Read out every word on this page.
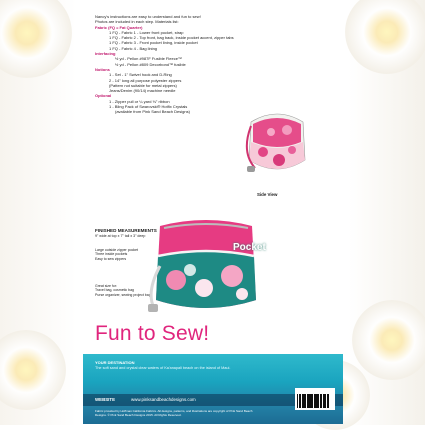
Nancy's instructions are easy to understand and fun to sew!
Photos are included in each step. Materials list:
Fabric (FQ = Fat Quarter)
1 FQ - Fabric 1 - Lower front pocket, strap
1 FQ - Fabric 2 - Top front, bag back, inside pocket accent, zipper tabs
1 FQ - Fabric 3 - Front pocket lining, inside pocket
1 FQ - Fabric 4 - Bag lining
Interfacing
½ yd - Pellon #987F Fusible Fleece™
½ yd - Pellon #809 Decorbond™ fusible
Notions
1 - Set - 1" Swivel hook and D-Ring
2 - 14" long all purpose polyester zippers
(Pattern not suitable for metal zippers)
Jeans/Denim (90/14) machine needle
Optional
1 - Zipper pull or ¼ yard ⅛" ribbon
1 - Bling Pack of Swarovski® Hotfix Crystals
(available from Pink Sand Beach Designs)
Side View
FINISHED MEASUREMENTS
9" wide at top x 7" tall x 3" deep
Large outside zipper pocket
Three inside pockets
Easy to sew zippers
Great size for:
Travel bag, cosmetic bag
Purse organizer, sewing project bag
Pocket
Fun to Sew!
YOUR DESTINATION
The soft sand and crystal clear waters of Ka'anapali beach on the island of Maui.
WEBSITE	www.pinksandbeachdesigns.com
Fabric provided by Hoffman California Fabrics. All designs, patterns, and illustrations are copyright of Pink Sand Beach Designs. © Pink Sand Beach Designs 2015. All Rights Reserved.
